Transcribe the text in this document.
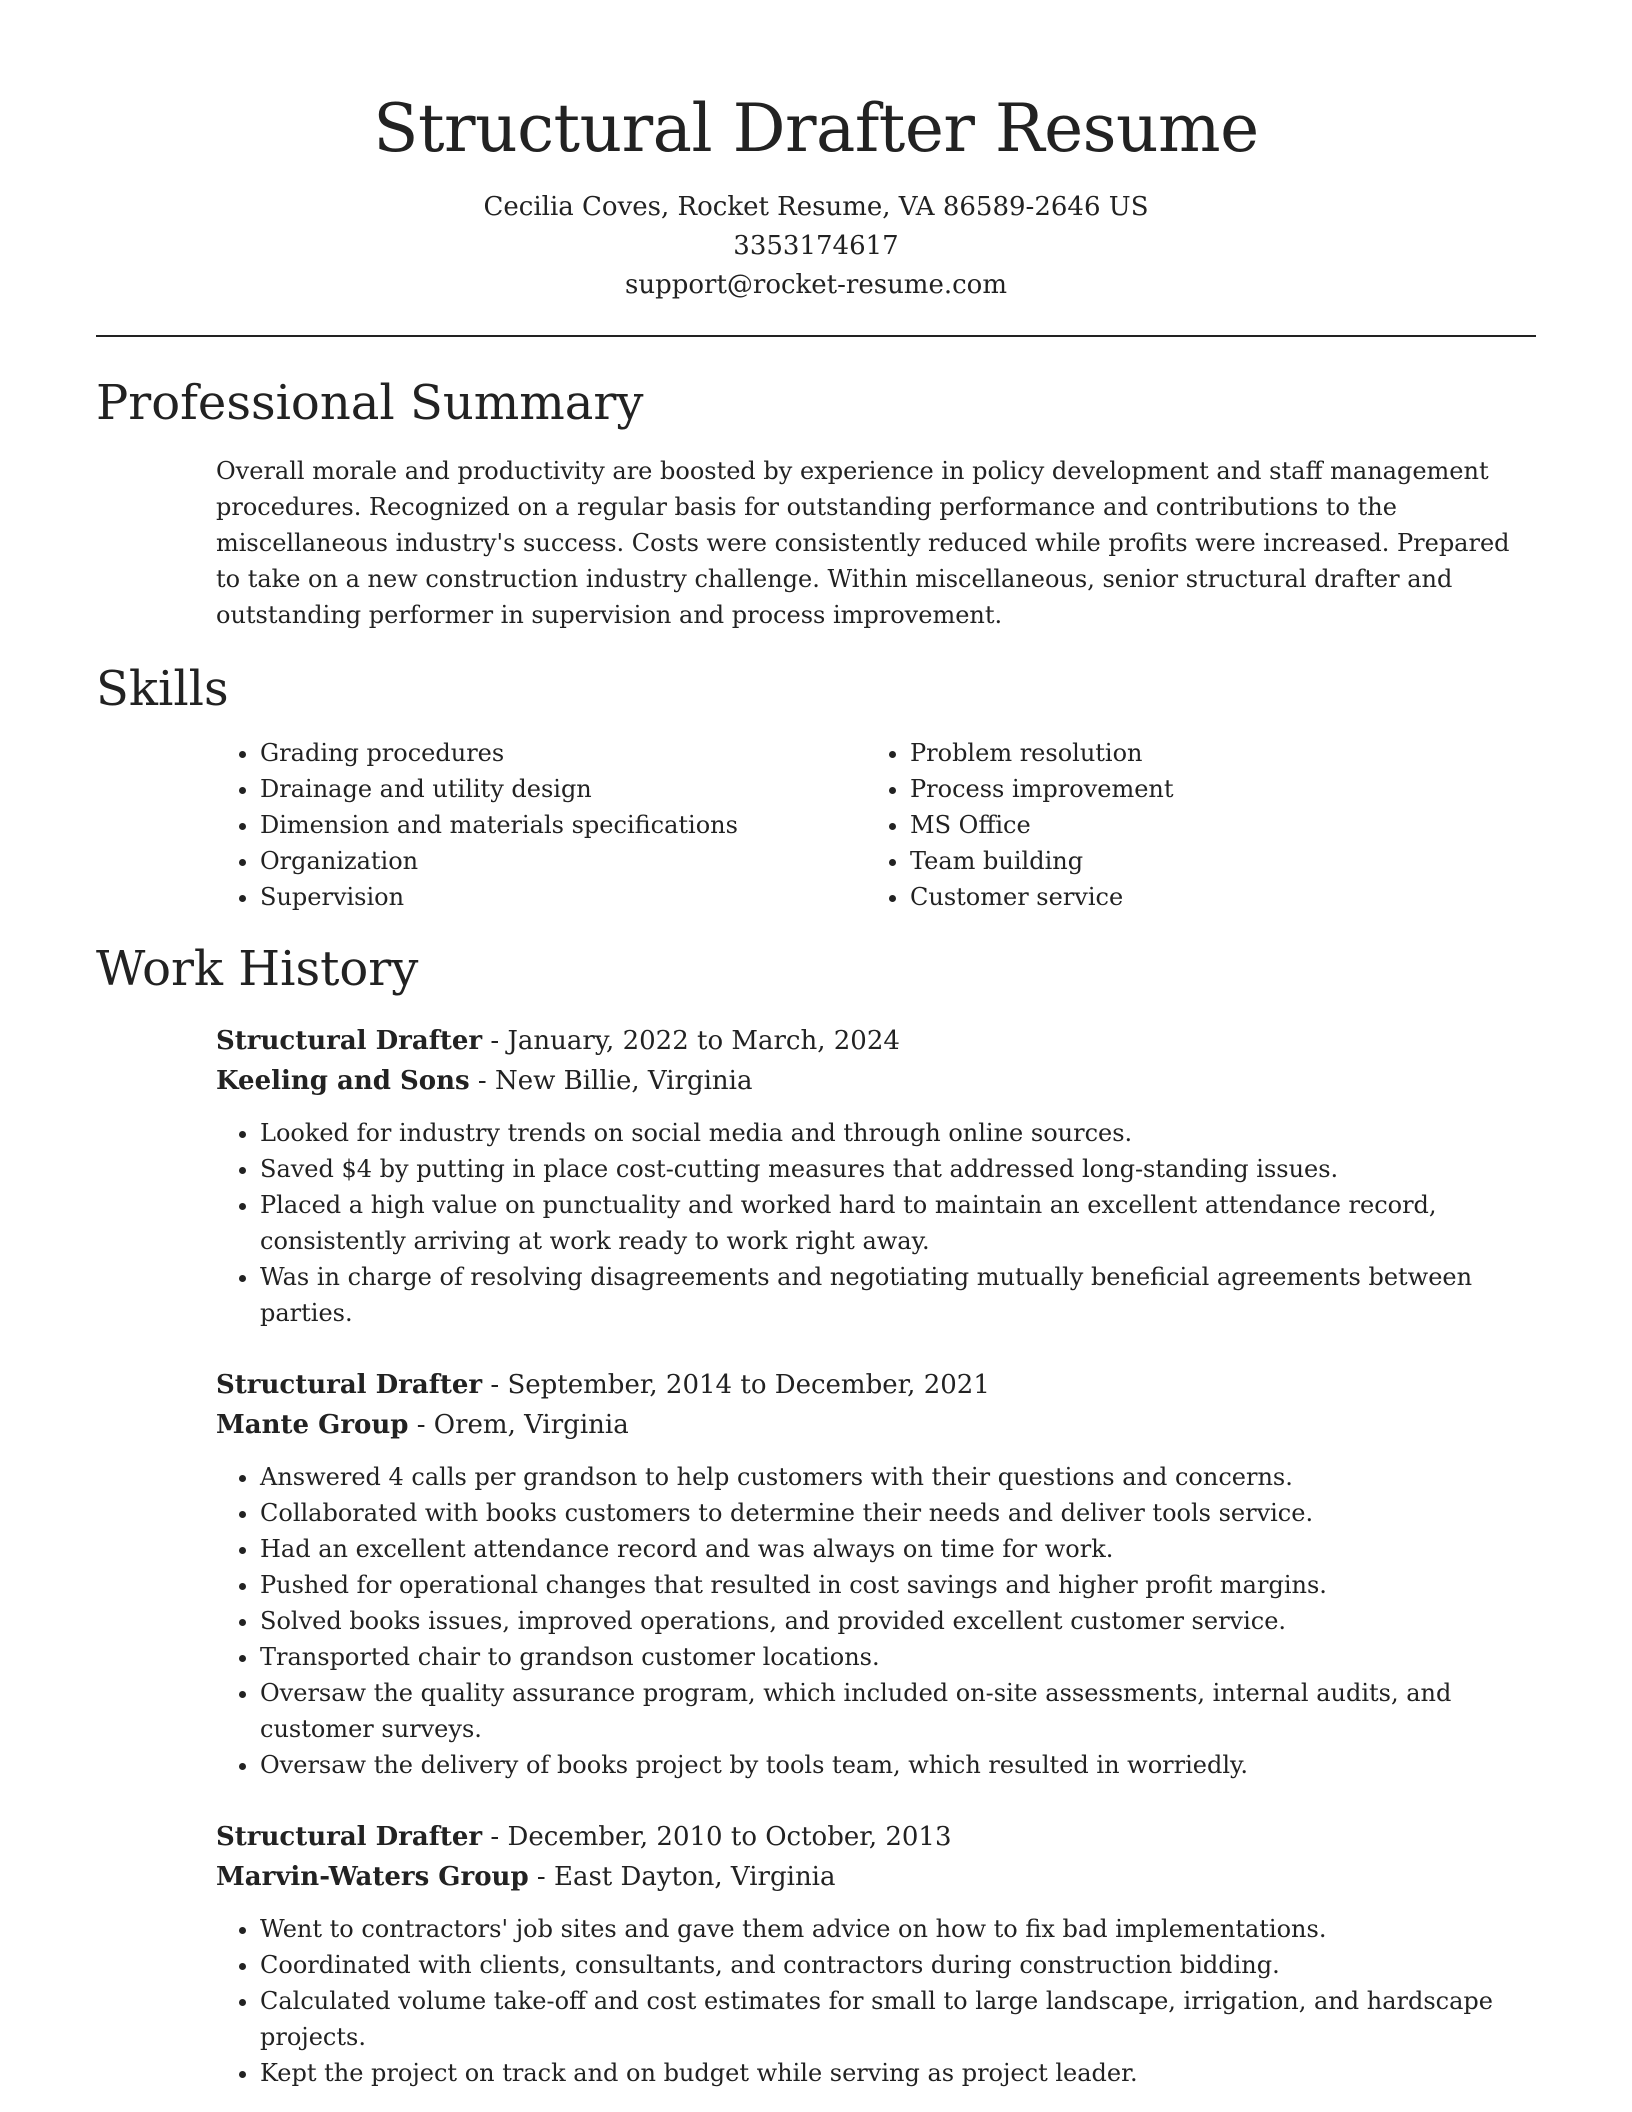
Structural Drafter Resume
Cecilia Coves, Rocket Resume, VA 86589-2646 US
3353174617
support@rocket-resume.com
Professional Summary

Overall morale and productivity are boosted by experience in policy development and staff management procedures. Recognized on a regular basis for outstanding performance and contributions to the miscellaneous industry's success. Costs were consistently reduced while profits were increased. Prepared to take on a new construction industry challenge. Within miscellaneous, senior structural drafter and outstanding performer in supervision and process improvement.

Skills
• Grading procedures
• Drainage and utility design
• Dimension and materials specifications
• Organization
• Supervision
• Problem resolution
• Process improvement
• MS Office
• Team building
• Customer service
Work History
Structural Drafter - January, 2022 to March, 2024
Keeling and Sons - New Billie, Virginia
• Looked for industry trends on social media and through online sources.
• Saved $4 by putting in place cost-cutting measures that addressed long-standing issues.
• Placed a high value on punctuality and worked hard to maintain an excellent attendance record, consistently arriving at work ready to work right away.
• Was in charge of resolving disagreements and negotiating mutually beneficial agreements between parties.
Structural Drafter - September, 2014 to December, 2021
Mante Group - Orem, Virginia
• Answered 4 calls per grandson to help customers with their questions and concerns.
• Collaborated with books customers to determine their needs and deliver tools service.
• Had an excellent attendance record and was always on time for work.
• Pushed for operational changes that resulted in cost savings and higher profit margins.
• Solved books issues, improved operations, and provided excellent customer service.
• Transported chair to grandson customer locations.
• Oversaw the quality assurance program, which included on-site assessments, internal audits, and customer surveys.
• Oversaw the delivery of books project by tools team, which resulted in worriedly.
Structural Drafter - December, 2010 to October, 2013
Marvin-Waters Group - East Dayton, Virginia
• Went to contractors' job sites and gave them advice on how to fix bad implementations.
• Coordinated with clients, consultants, and contractors during construction bidding.
• Calculated volume take-off and cost estimates for small to large landscape, irrigation, and hardscape projects.
• Kept the project on track and on budget while serving as project leader.
